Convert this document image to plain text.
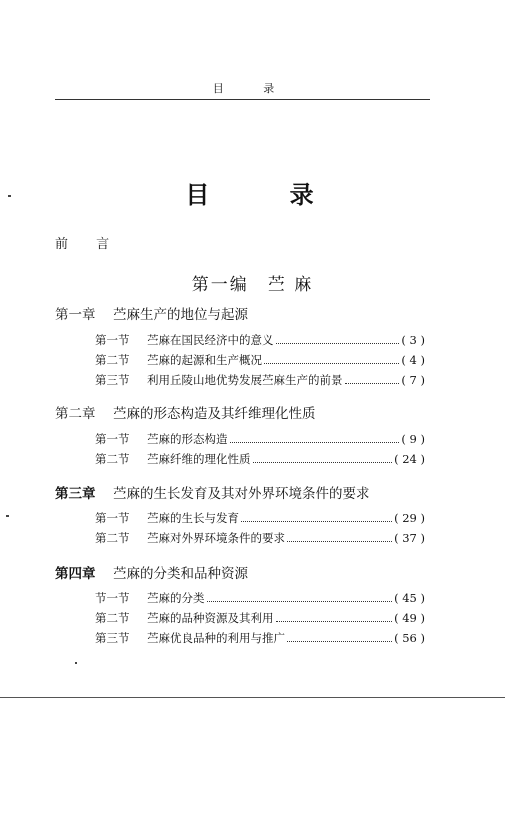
目 录
目 录
前 言
第一编　苎 麻
第一章 苎麻生产的地位与起源
第一节	苎麻在国民经济中的意义	( 3 )
第二节	苎麻的起源和生产概况	( 4 )
第三节	利用丘陵山地优势发展苎麻生产的前景	( 7 )
第二章 苎麻的形态构造及其纤维理化性质
第一节	苎麻的形态构造	( 9 )
第二节	苎麻纤维的理化性质	( 24 )
第三章 苎麻的生长发育及其对外界环境条件的要求
第一节	苎麻的生长与发育	( 29 )
第二节	苎麻对外界环境条件的要求	( 37 )
第四章 苎麻的分类和品种资源
节一节	苎麻的分类	( 45 )
第二节	苎麻的品种资源及其利用	( 49 )
第三节	苎麻优良品种的利用与推广	( 56 )
